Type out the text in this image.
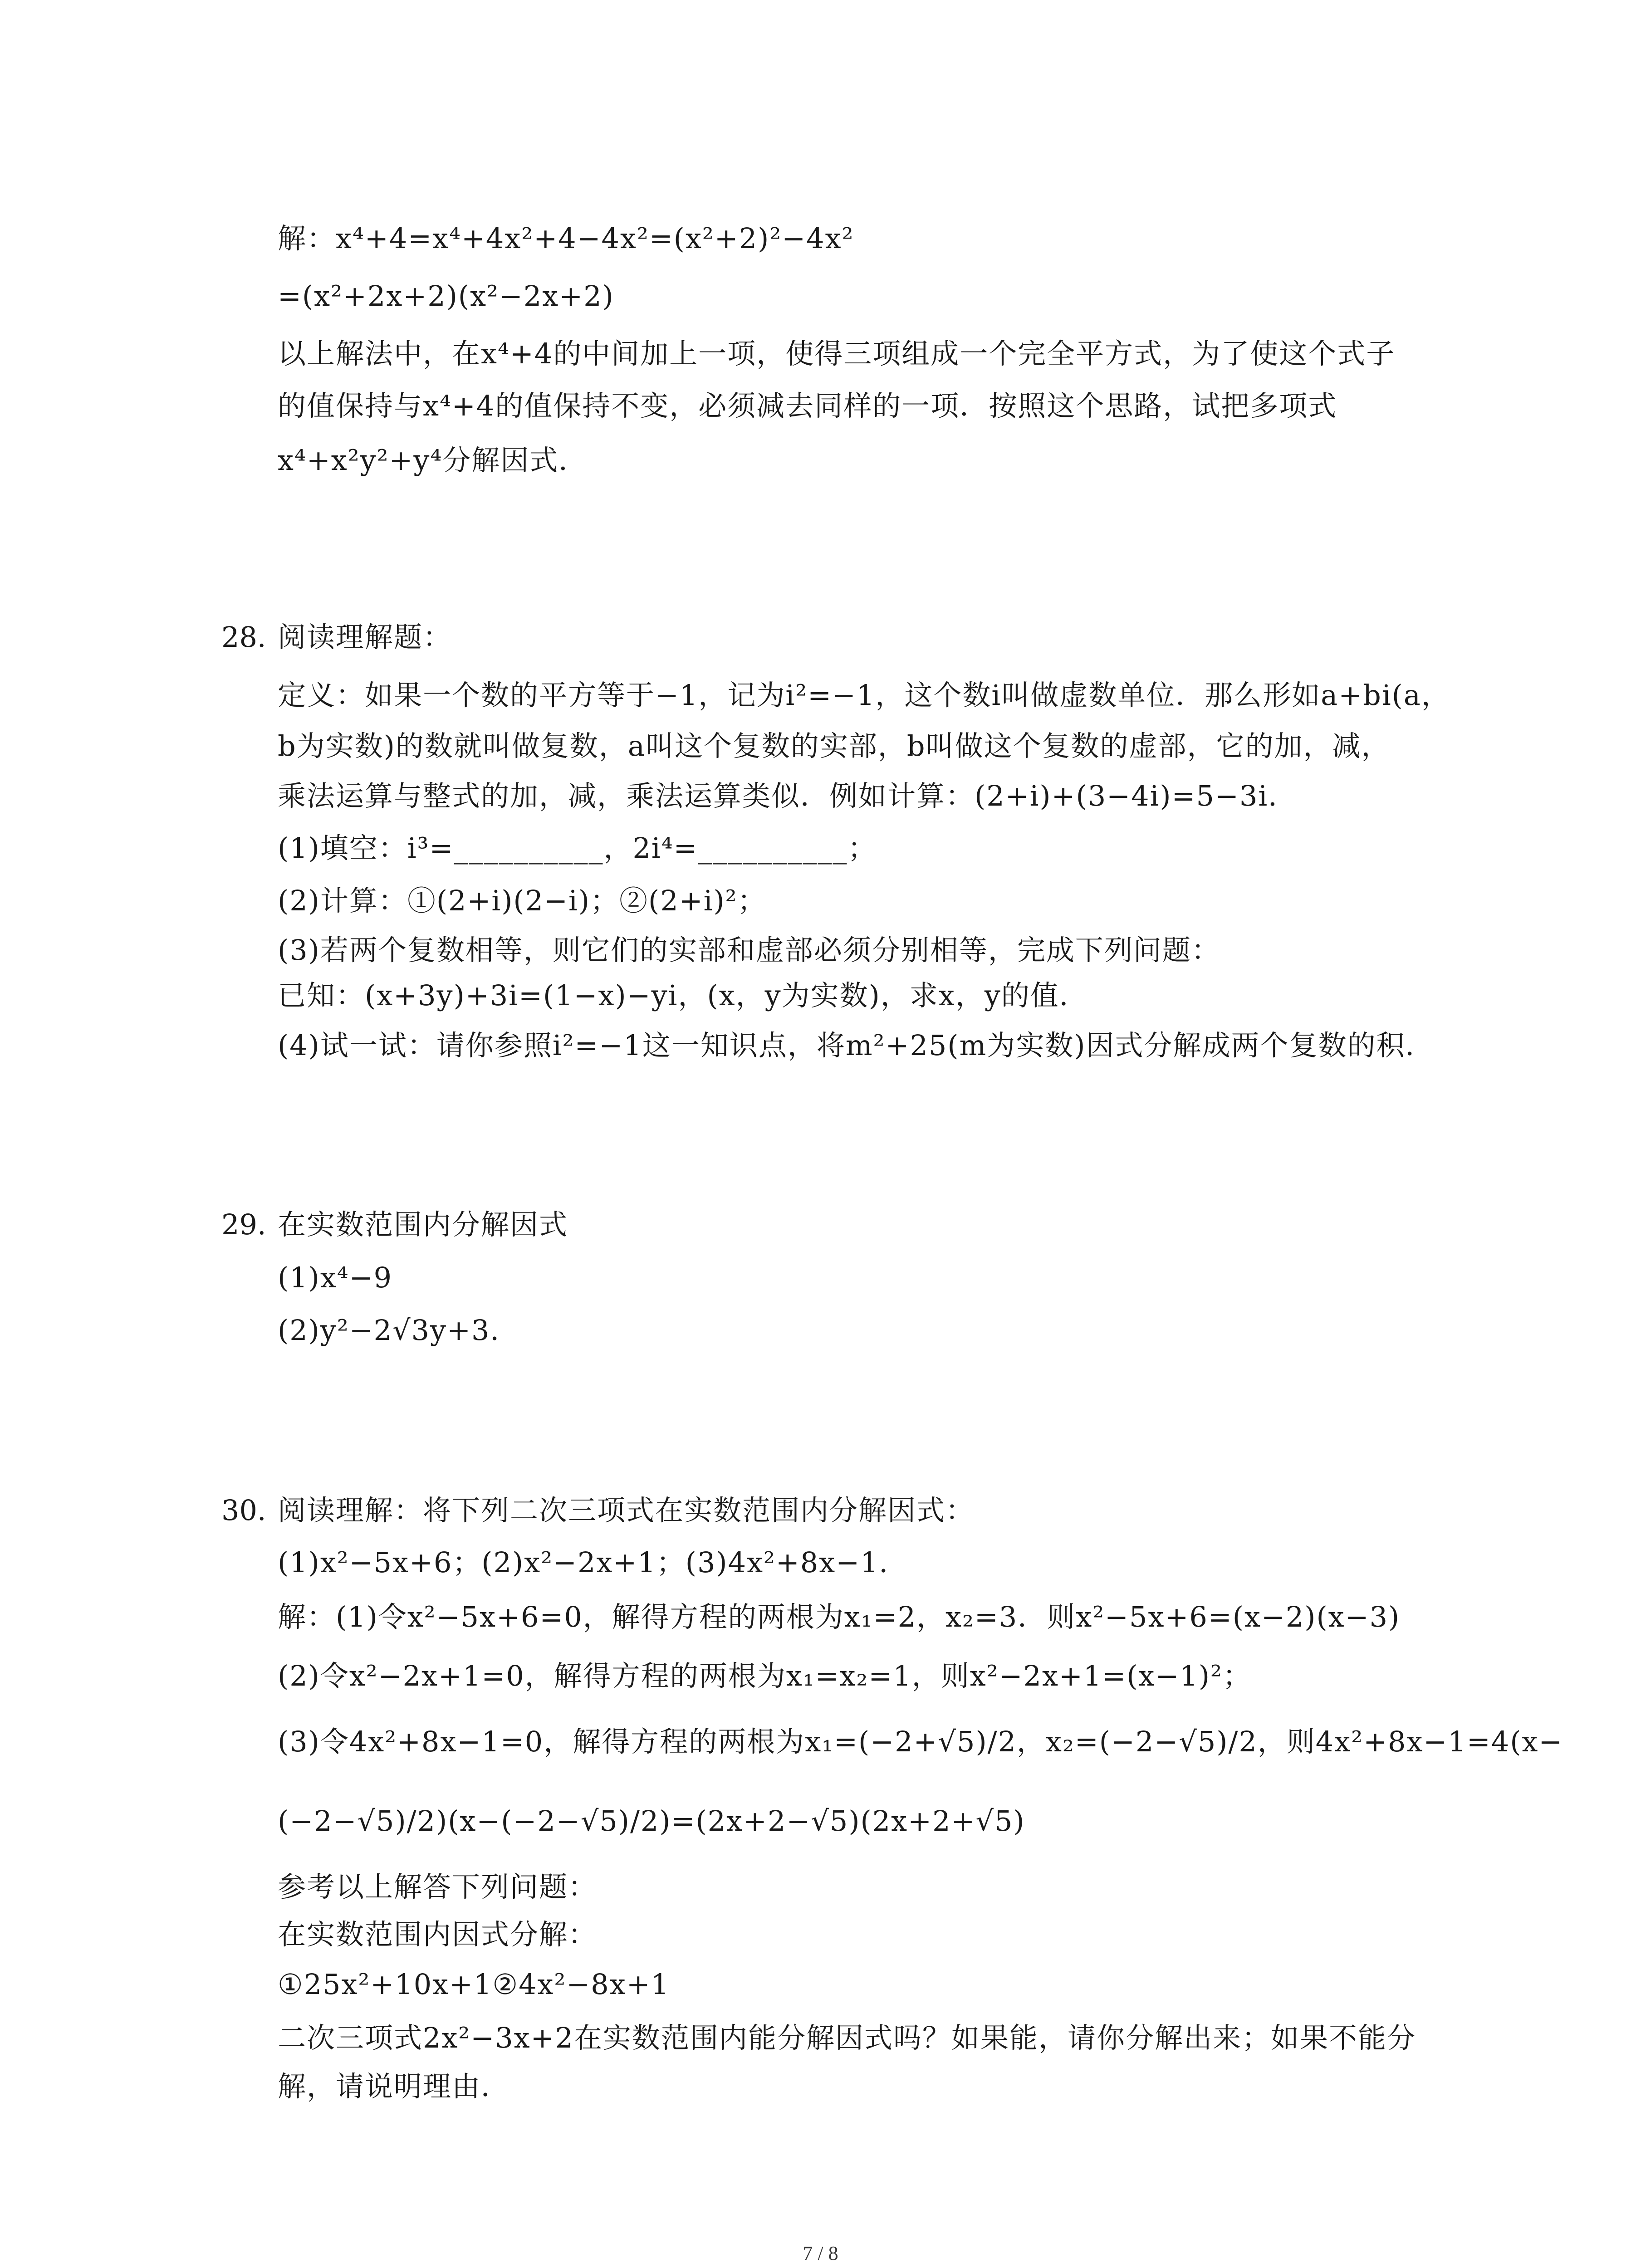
解：x⁴+4=x⁴+4x²+4−4x²=(x²+2)²−4x²
=(x²+2x+2)(x²−2x+2)
以上解法中，在x⁴+4的中间加上一项，使得三项组成一个完全平方式，为了使这个式子
的值保持与x⁴+4的值保持不变，必须减去同样的一项．按照这个思路，试把多项式
x⁴+x²y²+y⁴分解因式．
28. 阅读理解题：
定义：如果一个数的平方等于−1，记为i²=−1，这个数i叫做虚数单位．那么形如a+bi(a，
b为实数)的数就叫做复数，a叫这个复数的实部，b叫做这个复数的虚部，它的加，减，
乘法运算与整式的加，减，乘法运算类似．例如计算：(2+i)+(3−4i)=5−3i．
(1)填空：i³=__________，2i⁴=__________；
(2)计算：①(2+i)(2−i)；②(2+i)²；
(3)若两个复数相等，则它们的实部和虚部必须分别相等，完成下列问题：
已知：(x+3y)+3i=(1−x)−yi，(x，y为实数)，求x，y的值．
(4)试一试：请你参照i²=−1这一知识点，将m²+25(m为实数)因式分解成两个复数的积．
29. 在实数范围内分解因式
(1)x⁴−9
(2)y²−2√3y+3．
30. 阅读理解：将下列二次三项式在实数范围内分解因式：
(1)x²−5x+6；(2)x²−2x+1；(3)4x²+8x−1．
解：(1)令x²−5x+6=0，解得方程的两根为x₁=2，x₂=3．则x²−5x+6=(x−2)(x−3)
(2)令x²−2x+1=0，解得方程的两根为x₁=x₂=1，则x²−2x+1=(x−1)²；
(3)令4x²+8x−1=0，解得方程的两根为x₁=(−2+√5)/2，x₂=(−2−√5)/2，则4x²+8x−1=4(x−
(−2−√5)/2)(x−(−2−√5)/2)=(2x+2−√5)(2x+2+√5)
参考以上解答下列问题：
在实数范围内因式分解：
①25x²+10x+1②4x²−8x+1
二次三项式2x²−3x+2在实数范围内能分解因式吗？如果能，请你分解出来；如果不能分
解，请说明理由．
7 / 8
